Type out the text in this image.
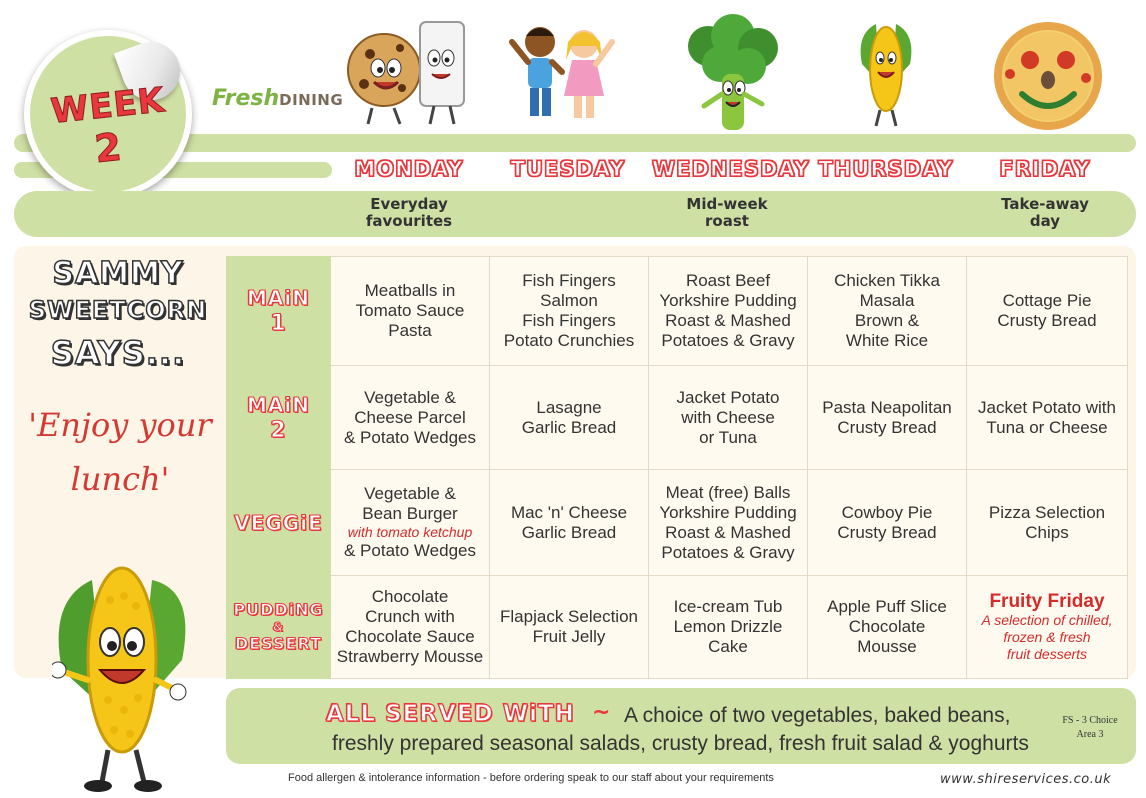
WEEK
2
FreshDINING
MONDAY	TUESDAY	WEDNESDAY THURSDAY	FRIDAY
Everyday
favourites
Mid-week
roast
Take-away
day
SAMMY
SWEETCORN
SAYS...
'Enjoy your
lunch'
MAiN
1	Meatballs in
Tomato Sauce
Pasta	Fish Fingers
Salmon
Fish Fingers
Potato Crunchies	Roast Beef
Yorkshire Pudding
Roast & Mashed
Potatoes & Gravy	Chicken Tikka
Masala
Brown &
White Rice	Cottage Pie
Crusty Bread

MAiN
2	Vegetable &
Cheese Parcel
& Potato Wedges	Lasagne
Garlic Bread	Jacket Potato
with Cheese
or Tuna	Pasta Neapolitan
Crusty Bread	Jacket Potato with
Tuna or Cheese

VEGGiE	Vegetable &
Bean Burger
with tomato ketchup
& Potato Wedges	Mac 'n' Cheese
Garlic Bread	Meat (free) Balls
Yorkshire Pudding
Roast & Mashed
Potatoes & Gravy	Cowboy Pie
Crusty Bread	Pizza Selection
Chips

PUDDiNG
&
DESSERT	Chocolate
Crunch with
Chocolate Sauce
Strawberry Mousse	Flapjack Selection
Fruit Jelly	Ice-cream Tub
Lemon Drizzle
Cake	Apple Puff Slice
Chocolate
Mousse	Fruity Friday
A selection of chilled,
frozen & fresh
fruit desserts
ALL SERVED WiTH ~ A choice of two vegetables, baked beans,
freshly prepared seasonal salads, crusty bread, fresh fruit salad & yoghurts
FS - 3 Choice
Area 3
Food allergen & intolerance information - before ordering speak to our staff about your requirements	www.shireservices.co.uk
